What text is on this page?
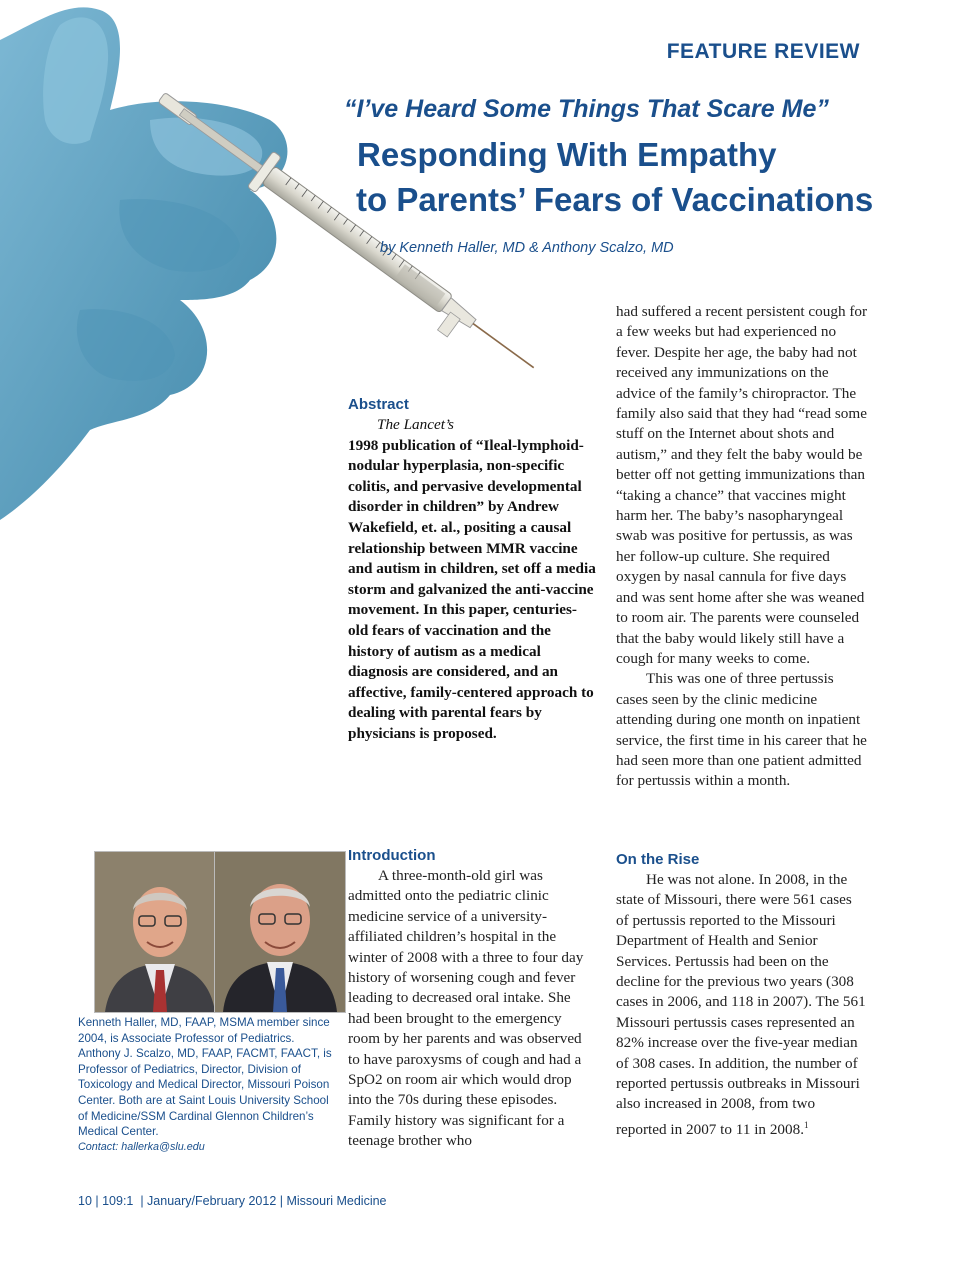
FEATURE REVIEW
“I’ve Heard Some Things That Scare Me”
Responding With Empathy
to Parents’ Fears of Vaccinations
by Kenneth Haller, MD & Anthony Scalzo, MD
Abstract
The Lancet’s
1998 publication of “Ileal-lymphoid-nodular hyperplasia, non-specific colitis, and pervasive developmental disorder in children” by Andrew Wakefield, et. al., positing a causal relationship between MMR vaccine and autism in children, set off a media storm and galvanized the anti-vaccine movement. In this paper, centuries-old fears of vaccination and the history of autism as a medical diagnosis are considered, and an affective, family-centered approach to dealing with parental fears by physicians is proposed.
Introduction

A three-month-old girl was admitted onto the pediatric clinic medicine service of a university-affiliated children’s hospital in the winter of 2008 with a three to four day history of worsening cough and fever leading to decreased oral intake. She had been brought to the emergency room by her parents and was observed to have paroxysms of cough and had a SpO2 on room air which would drop into the 70s during these episodes. Family history was significant for a teenage brother who

had suffered a recent persistent cough for a few weeks but had experienced no fever. Despite her age, the baby had not received any immunizations on the advice of the family’s chiropractor. The family also said that they had “read some stuff on the Internet about shots and autism,” and they felt the baby would be better off not getting immunizations than “taking a chance” that vaccines might harm her. The baby’s nasopharyngeal swab was positive for pertussis, as was her follow-up culture. She required oxygen by nasal cannula for five days and was sent home after she was weaned to room air. The parents were counseled that the baby would likely still have a cough for many weeks to come.

This was one of three pertussis cases seen by the clinic medicine attending during one month on inpatient service, the first time in his career that he had seen more than one patient admitted for pertussis within a month.

On the Rise

He was not alone. In 2008, in the state of Missouri, there were 561 cases of pertussis reported to the Missouri Department of Health and Senior Services. Pertussis had been on the decline for the previous two years (308 cases in 2006, and 118 in 2007). The 561 Missouri pertussis cases represented an 82% increase over the five-year median of 308 cases. In addition, the number of reported pertussis outbreaks in Missouri also increased in 2008, from two reported in 2007 to 11 in 2008.$^1$

Kenneth Haller, MD, FAAP, MSMA member since 2004, is Associate Professor of Pediatrics. Anthony J. Scalzo, MD, FAAP, FACMT, FAACT, is Professor of Pediatrics, Director, Division of Toxicology and Medical Director, Missouri Poison Center. Both are at Saint Louis University School of Medicine/SSM Cardinal Glennon Children’s Medical Center.
Contact: hallerka@slu.edu
10 | 109:1  | January/February 2012 | Missouri Medicine
